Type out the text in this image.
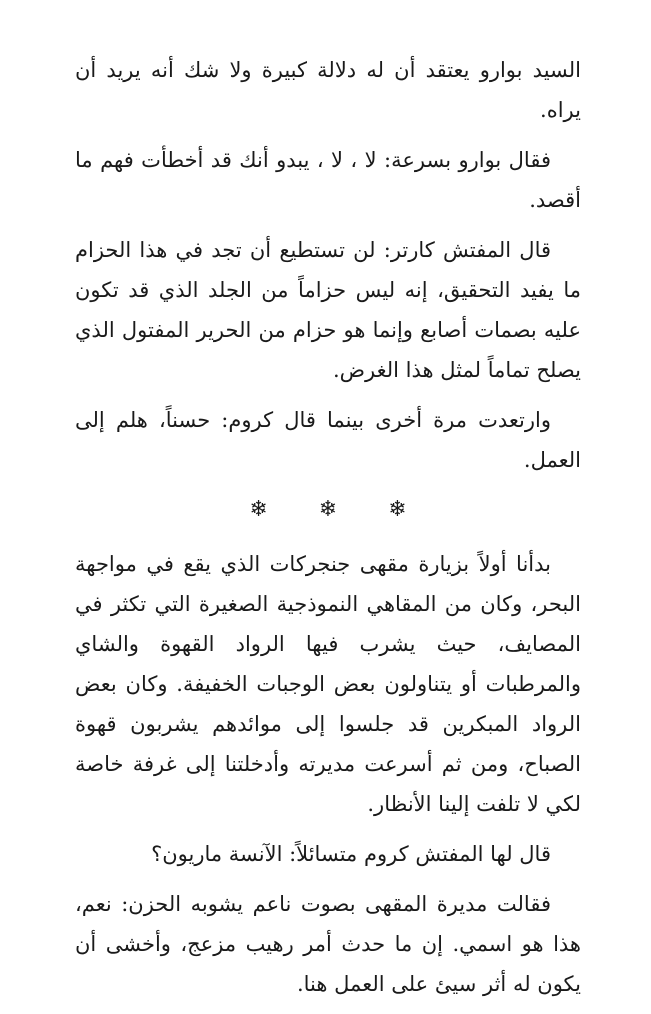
السيد بوارو يعتقد أن له دلالة كبيرة ولا شك أنه يريد أن يراه.

فقال بوارو بسرعة: لا ، لا ، يبدو أنك قد أخطأت فهم ما أقصد.

قال المفتش كارتر: لن تستطيع أن تجد في هذا الحزام ما يفيد التحقيق، إنه ليس حزاماً من الجلد الذي قد تكون عليه بصمات أصابع وإنما هو حزام من الحرير المفتول الذي يصلح تماماً لمثل هذا الغرض.

وارتعدت مرة أخرى بينما قال كروم: حسناً، هلم إلى العمل.

❄ ❄ ❄

بدأنا أولاً بزيارة مقهى جنجركات الذي يقع في مواجهة البحر، وكان من المقاهي النموذجية الصغيرة التي تكثر في المصايف، حيث يشرب فيها الرواد القهوة والشاي والمرطبات أو يتناولون بعض الوجبات الخفيفة. وكان بعض الرواد المبكرين قد جلسوا إلى موائدهم يشربون قهوة الصباح، ومن ثم أسرعت مديرته وأدخلتنا إلى غرفة خاصة لكي لا تلفت إلينا الأنظار.

قال لها المفتش كروم متسائلاً: الآنسة ماريون؟

فقالت مديرة المقهى بصوت ناعم يشوبه الحزن: نعم، هذا هو اسمي. إن ما حدث أمر رهيب مزعج، وأخشى أن يكون له أثر سيئ على العمل هنا.
